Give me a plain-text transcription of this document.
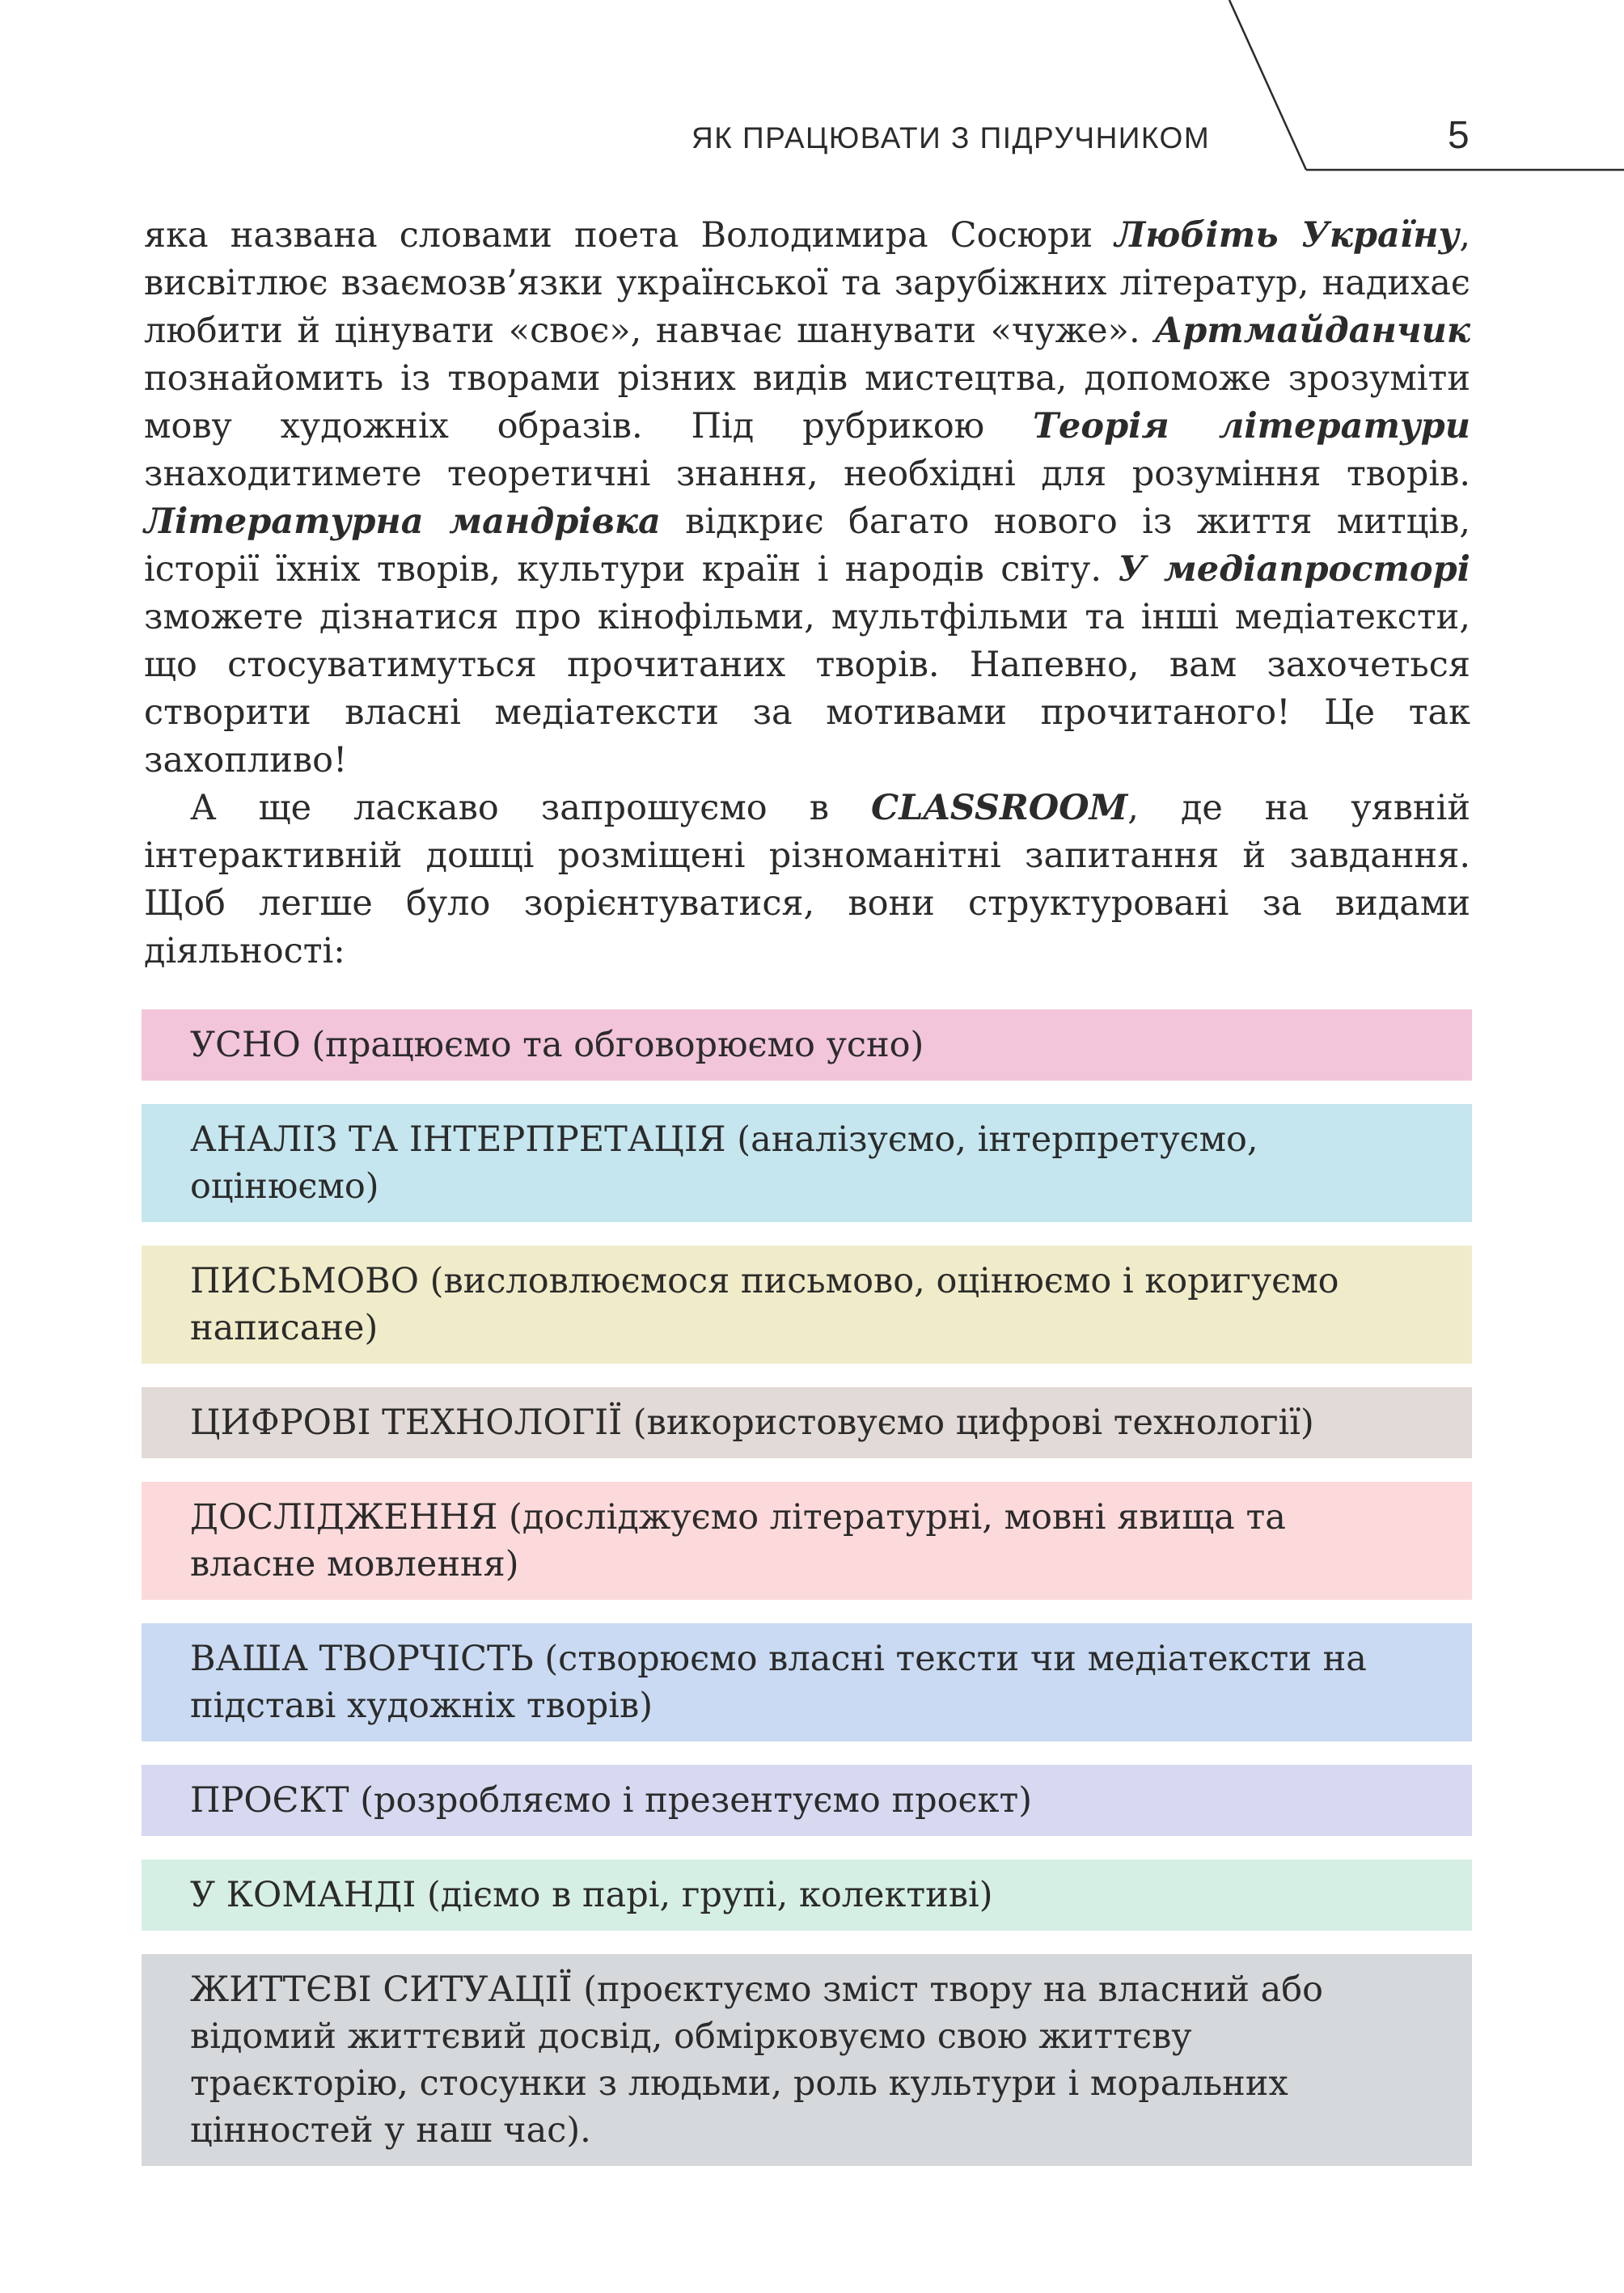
ЯК ПРАЦЮВАТИ З ПІДРУЧНИКОМ	5

яка названа словами поета Володимира Сосюри Любіть Україну, висвітлює взаємозв’язки української та зарубіжних літератур, надихає любити й цінувати «своє», навчає шанувати «чуже». Артмайданчик познайомить із творами різних видів мистецтва, допоможе зрозуміти мову художніх образів. Під рубрикою Теорія літератури знаходитимете теоретичні знання, необхідні для розуміння творів. Літературна мандрівка відкриє багато нового із життя митців, історії їхніх творів, культури країн і народів світу. У медіапросторі зможете дізнатися про кінофільми, мультфільми та інші медіатексти, що стосуватимуться прочитаних творів. Напевно, вам захочеться створити власні медіатексти за мотивами прочитаного! Це так захопливо!

А ще ласкаво запрошуємо в CLASSROOM, де на уявній інтерактивній дошці розміщені різноманітні запитання й завдання. Щоб легше було зорієнтуватися, вони структуровані за видами діяльності:

УСНО (працюємо та обговорюємо усно)
АНАЛІЗ ТА ІНТЕРПРЕТАЦІЯ (аналізуємо, інтерпретуємо, оцінюємо)
ПИСЬМОВО (висловлюємося письмово, оцінюємо і коригуємо написане)
ЦИФРОВІ ТЕХНОЛОГІЇ (використовуємо цифрові технології)
ДОСЛІДЖЕННЯ (досліджуємо літературні, мовні явища та власне мовлення)
ВАША ТВОРЧІСТЬ (створюємо власні тексти чи медіатексти на підставі художніх творів)
ПРОЄКТ (розробляємо і презентуємо проєкт)
У КОМАНДІ (діємо в парі, групі, колективі)
ЖИТТЄВІ СИТУАЦІЇ (проєктуємо зміст твору на власний або відомий життєвий досвід, обмірковуємо свою життєву траєкторію, стосунки з людьми, роль культури і моральних цінностей у наш час).
